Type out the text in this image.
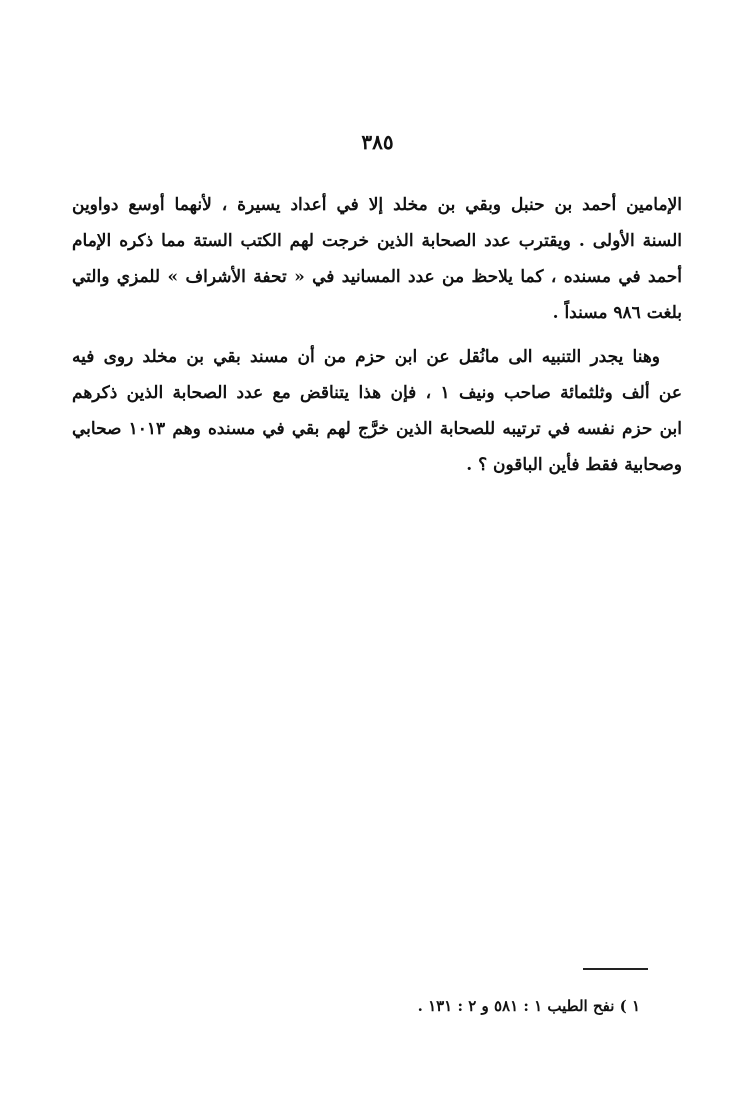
٣٨٥
الإمامين أحمد بن حنبل وبقي بن مخلد إلا في أعداد يسيرة ، لأنهما أوسع دواوين
السنة الأولى . ويقترب عدد الصحابة الذين خرجت لهم الكتب الستة مما ذكره الإمام
أحمد في مسنده ، كما يلاحظ من عدد المسانيد في « تحفة الأشراف » للمزي والتي
بلغت ٩٨٦ مسنداً .
وهنا يجدر التنبيه الى مانُقل عن ابن حزم من أن مسند بقي بن مخلد روى فيه
عن ألف وثلثمائة صاحب ونيف ١ ، فإن هذا يتناقض مع عدد الصحابة الذين ذكرهم
ابن حزم نفسه في ترتيبه للصحابة الذين خرَّج لهم بقي في مسنده وهم ١٠١٣ صحابي
وصحابية فقط فأين الباقون ؟ .
١ ) نفح الطيب ١ : ٥٨١ و ٢ : ١٣١ .
